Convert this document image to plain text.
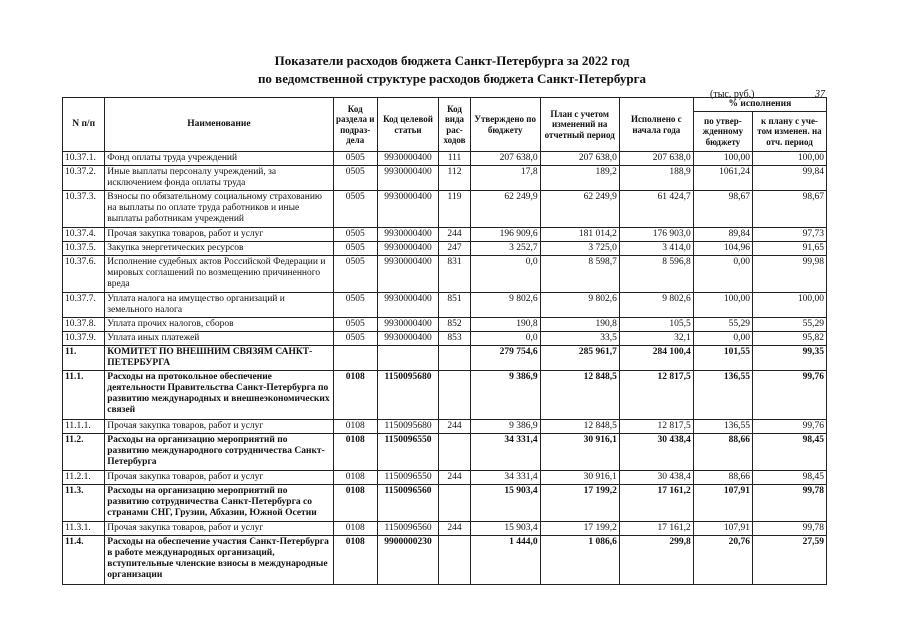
Показатели расходов бюджета Санкт-Петербурга за 2022 год
по ведомственной структуре расходов бюджета Санкт-Петербурга
(тыс. руб.)	37
N п/п	Наименование	Код раздела и подраз-дела	Код целевой статьи	Код вида рас-ходов	Утверждено по бюджету	План с учетом изменений на отчетный период	Исполнено с начала года	% исполнения	
								по утвер-жденному бюджету	к плану с уче-том изменен. на отч. период
10.37.1.	Фонд оплаты труда учреждений	0505	9930000400	111	207 638,0	207 638,0	207 638,0	100,00	100,00
10.37.2.	Иные выплаты персоналу учреждений, за исключением фонда оплаты труда	0505	9930000400	112	17,8	189,2	188,9	1061,24	99,84
10.37.3.	Взносы по обязательному социальному страхованию на выплаты по оплате труда работников и иные выплаты работникам учреждений	0505	9930000400	119	62 249,9	62 249,9	61 424,7	98,67	98,67
10.37.4.	Прочая закупка товаров, работ и услуг	0505	9930000400	244	196 909,6	181 014,2	176 903,0	89,84	97,73
10.37.5.	Закупка энергетических ресурсов	0505	9930000400	247	3 252,7	3 725,0	3 414,0	104,96	91,65
10.37.6.	Исполнение судебных актов Российской Федерации и мировых соглашений по возмещению причиненного вреда	0505	9930000400	831	0,0	8 598,7	8 596,8	0,00	99,98
10.37.7.	Уплата налога на имущество организаций и земельного налога	0505	9930000400	851	9 802,6	9 802,6	9 802,6	100,00	100,00
10.37.8.	Уплата прочих налогов, сборов	0505	9930000400	852	190,8	190,8	105,5	55,29	55,29
10.37.9.	Уплата иных платежей	0505	9930000400	853	0,0	33,5	32,1	0,00	95,82
11.	КОМИТЕТ ПО ВНЕШНИМ СВЯЗЯМ САНКТ-ПЕТЕРБУРГА				279 754,6	285 961,7	284 100,4	101,55	99,35
11.1.	Расходы на протокольное обеспечение деятельности Правительства Санкт-Петербурга по развитию международных и внешнеэкономических связей	0108	1150095680		9 386,9	12 848,5	12 817,5	136,55	99,76
11.1.1.	Прочая закупка товаров, работ и услуг	0108	1150095680	244	9 386,9	12 848,5	12 817,5	136,55	99,76
11.2.	Расходы на организацию мероприятий по развитию международного сотрудничества Санкт-Петербурга	0108	1150096550		34 331,4	30 916,1	30 438,4	88,66	98,45
11.2.1.	Прочая закупка товаров, работ и услуг	0108	1150096550	244	34 331,4	30 916,1	30 438,4	88,66	98,45
11.3.	Расходы на организацию мероприятий по развитию сотрудничества Санкт-Петербурга со странами СНГ, Грузии, Абхазии, Южной Осетии	0108	1150096560		15 903,4	17 199,2	17 161,2	107,91	99,78
11.3.1.	Прочая закупка товаров, работ и услуг	0108	1150096560	244	15 903,4	17 199,2	17 161,2	107,91	99,78
11.4.	Расходы на обеспечение участия Санкт-Петербурга в работе международных организаций, вступительные членские взносы в международные организации	0108	9900000230		1 444,0	1 086,6	299,8	20,76	27,59
